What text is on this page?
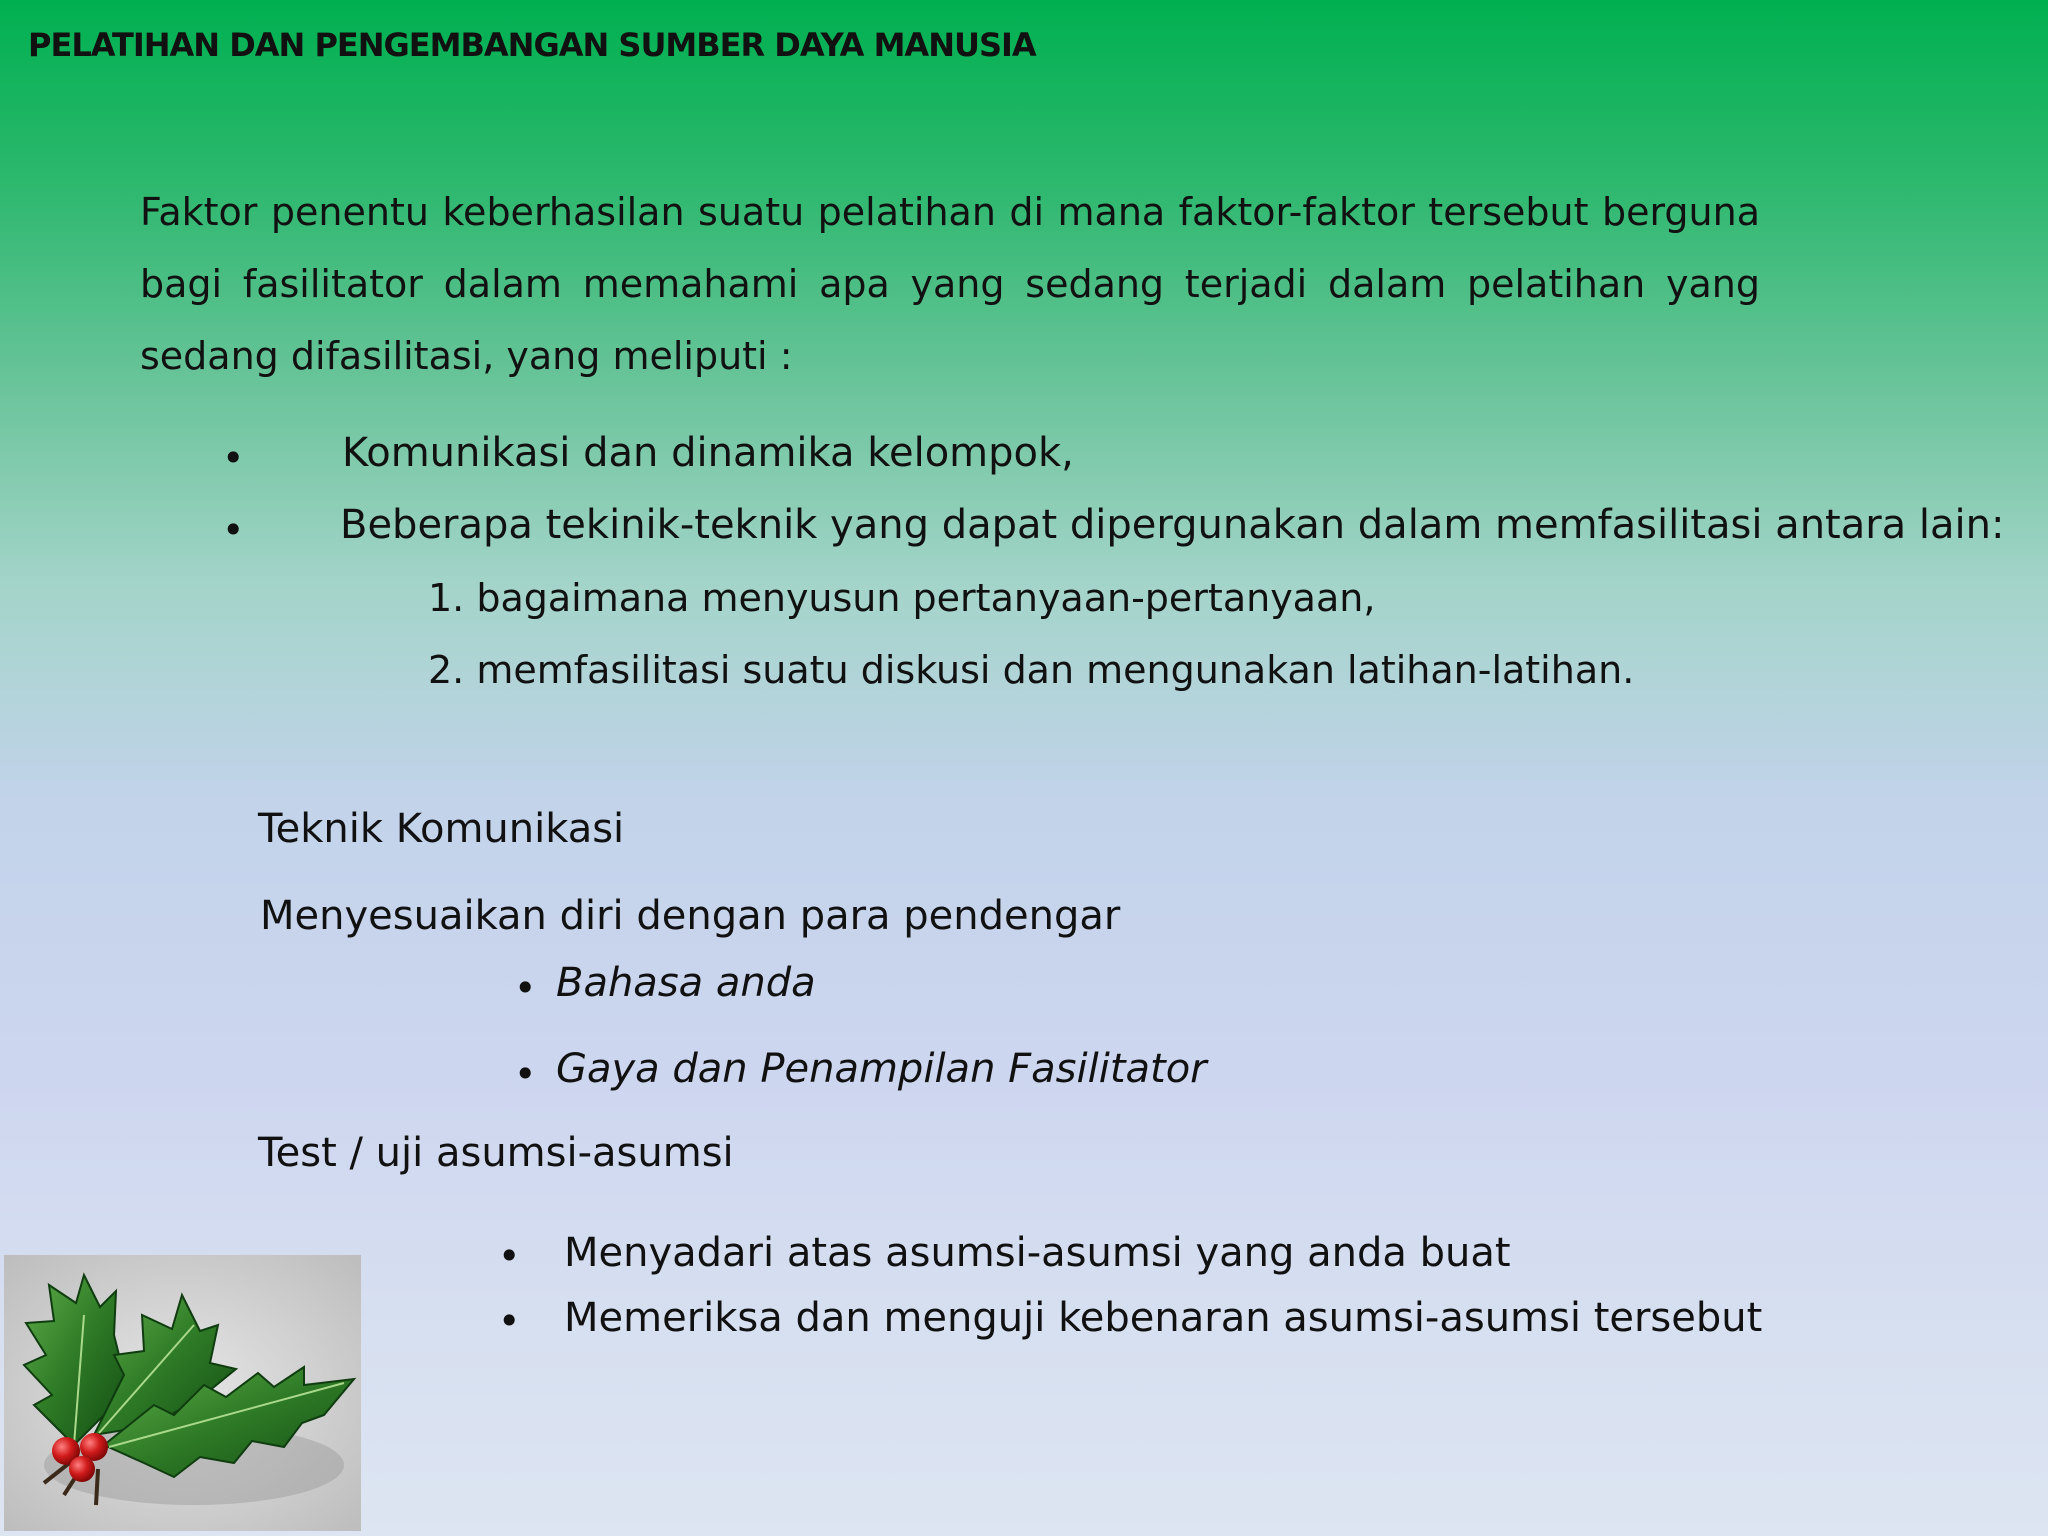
PELATIHAN DAN PENGEMBANGAN SUMBER DAYA MANUSIA
Faktor penentu keberhasilan suatu pelatihan di mana faktor-faktor tersebut berguna bagi fasilitator dalam memahami apa yang sedang terjadi dalam pelatihan yang sedang difasilitasi, yang meliputi :
• Komunikasi dan dinamika kelompok,
• Beberapa tekinik-teknik yang dapat dipergunakan dalam memfasilitasi antara lain:
1. bagaimana menyusun pertanyaan-pertanyaan,
2. memfasilitasi suatu diskusi dan mengunakan latihan-latihan.
Teknik Komunikasi
Menyesuaikan diri dengan para pendengar
• Bahasa anda
• Gaya dan Penampilan Fasilitator
Test / uji asumsi-asumsi
• Menyadari atas asumsi-asumsi yang anda buat
• Memeriksa dan menguji kebenaran asumsi-asumsi tersebut
